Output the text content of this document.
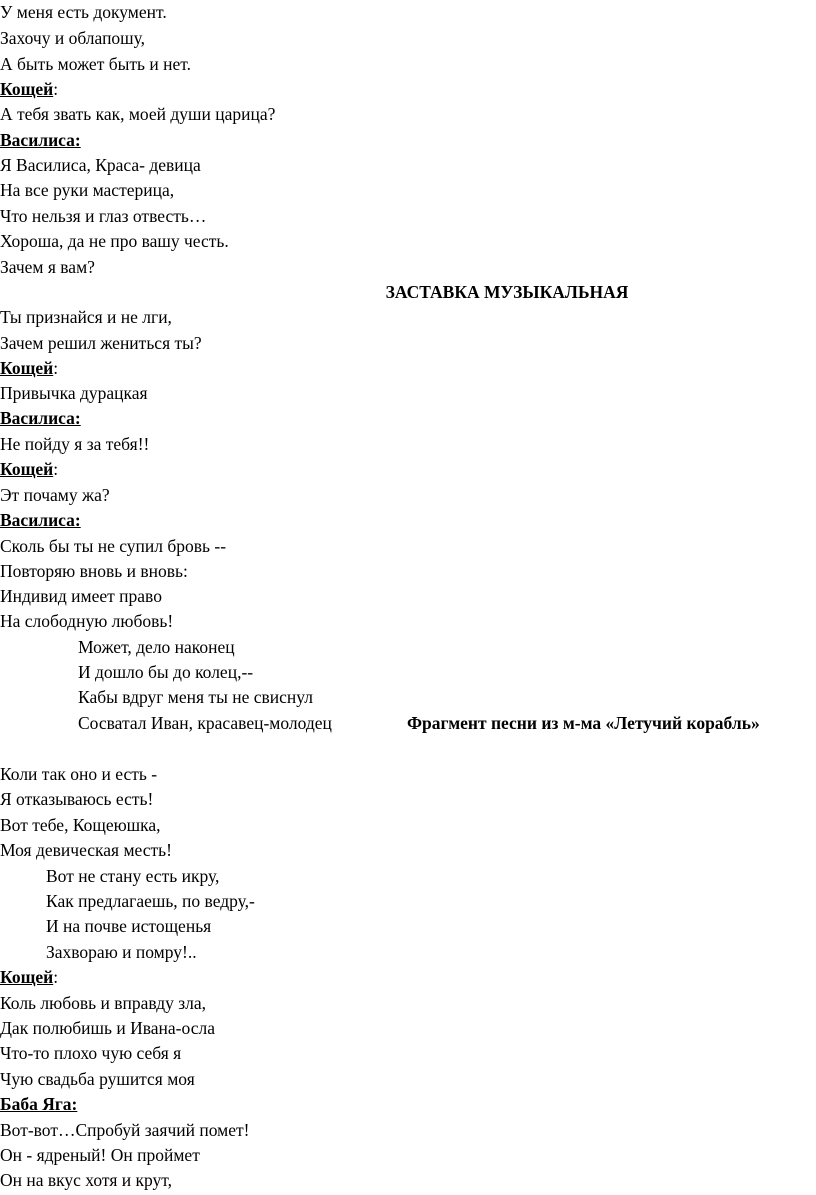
У меня есть документ.
Захочу и облапошу,
А быть может быть и нет.
Кощей:
А тебя звать как, моей души царица?
Василиса:
Я Василиса, Краса- девица
На все руки мастерица,
Что нельзя и глаз отвесть…
Хороша, да не про вашу честь.
Зачем я вам?
ЗАСТАВКА МУЗЫКАЛЬНАЯ
Ты признайся и не лги,
Зачем решил жениться ты?
Кощей:
Привычка дурацкая
Василиса:
Не пойду я за тебя!!
Кощей:
Эт почаму жа?
Василиса:
Сколь бы ты не супил бровь --
Повторяю вновь и вновь:
Индивид имеет право
На слободную любовь!
Может, дело наконец
И дошло бы до колец,--
Кабы вдруг меня ты не свиснул
Сосватал Иван, красавец-молодец	Фрагмент песни из м-ма «Летучий корабль»
Коли так оно и есть -
Я отказываюсь есть!
Вот тебе, Кощеюшка,
Моя девическая месть!
Вот не стану есть икру,
Как предлагаешь, по ведру,-
И на почве истощенья
Захвораю и помру!..
Кощей:
Коль любовь и вправду зла,
Дак полюбишь и Ивана-осла
Что-то плохо чую себя я
Чую свадьба рушится моя
Баба Яга:
Вот-вот…Спробуй заячий помет!
Он - ядреный! Он проймет
Он на вкус хотя и крут,
